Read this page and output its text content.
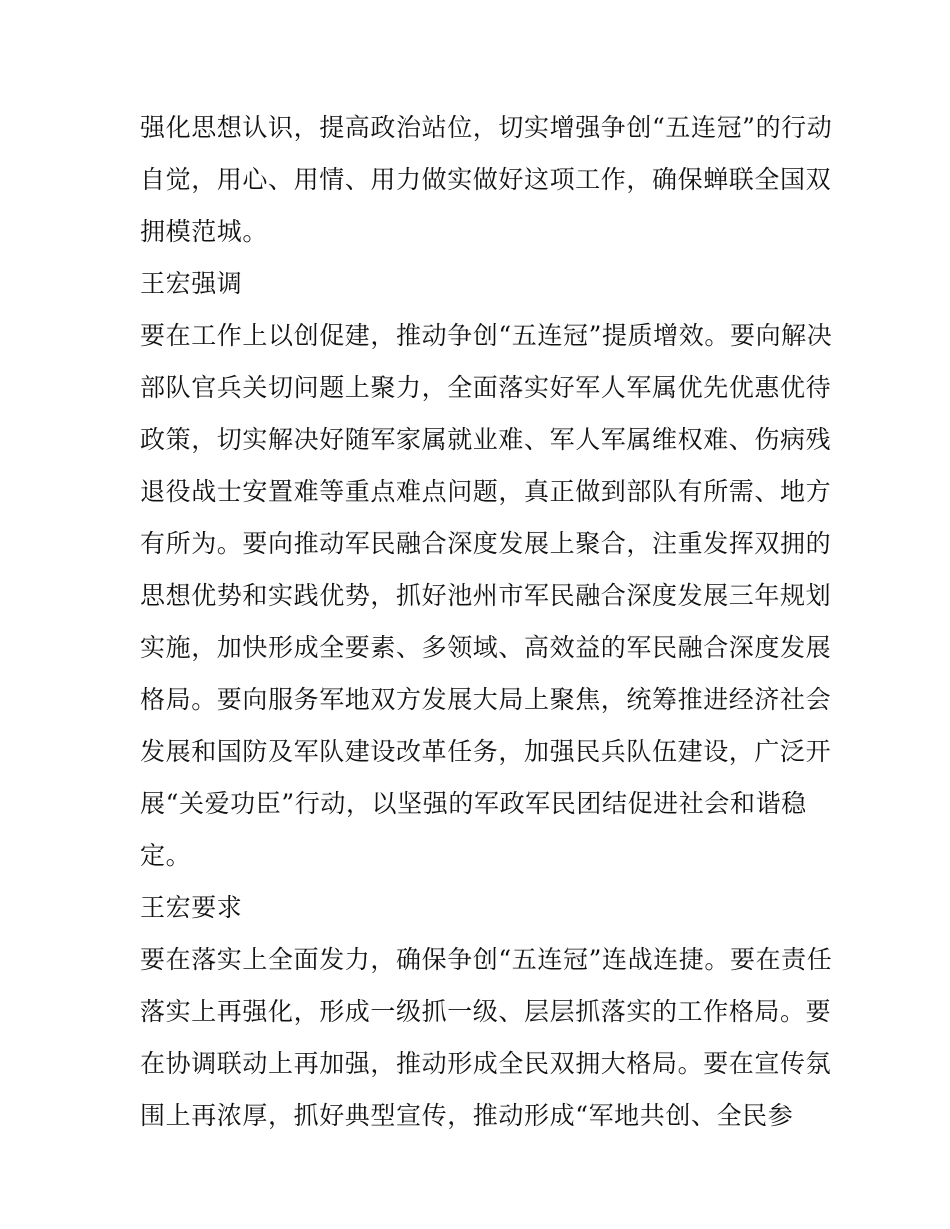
强化思想认识，提高政治站位，切实增强争创“五连冠”的行动
自觉，用心、用情、用力做实做好这项工作，确保蝉联全国双
拥模范城。
王宏强调
要在工作上以创促建，推动争创“五连冠”提质增效。要向解决
部队官兵关切问题上聚力，全面落实好军人军属优先优惠优待
政策，切实解决好随军家属就业难、军人军属维权难、伤病残
退役战士安置难等重点难点问题，真正做到部队有所需、地方
有所为。要向推动军民融合深度发展上聚合，注重发挥双拥的
思想优势和实践优势，抓好池州市军民融合深度发展三年规划
实施，加快形成全要素、多领域、高效益的军民融合深度发展
格局。要向服务军地双方发展大局上聚焦，统筹推进经济社会
发展和国防及军队建设改革任务，加强民兵队伍建设，广泛开
展“关爱功臣”行动，以坚强的军政军民团结促进社会和谐稳
定。
王宏要求
要在落实上全面发力，确保争创“五连冠”连战连捷。要在责任
落实上再强化，形成一级抓一级、层层抓落实的工作格局。要
在协调联动上再加强，推动形成全民双拥大格局。要在宣传氛
围上再浓厚，抓好典型宣传，推动形成“军地共创、全民参
